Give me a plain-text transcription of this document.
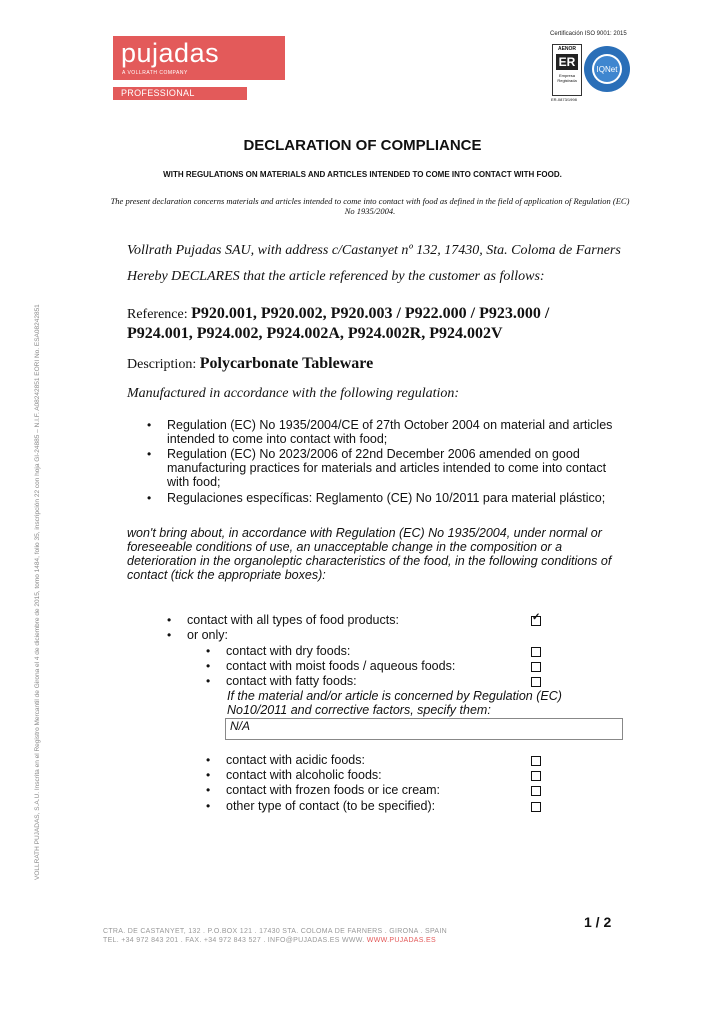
pujadas
A VOLLRATH COMPANY
PROFESSIONAL COOKWARE
Certificación ISO 9001: 2015
AENOR
ER
Empresa Registrada
ER-0873/1998
IQNet
DECLARATION OF COMPLIANCE
WITH REGULATIONS ON MATERIALS AND ARTICLES INTENDED TO COME INTO CONTACT WITH FOOD.
The present declaration concerns materials and articles intended to come into contact with food as defined in the field of application of Regulation (EC) No 1935/2004.
Vollrath Pujadas SAU, with address c/Castanyet nº 132, 17430, Sta. Coloma de Farners
Hereby DECLARES that the article referenced by the customer as follows:
Reference: P920.001, P920.002, P920.003 / P922.000 / P923.000 /
P924.001, P924.002, P924.002A, P924.002R, P924.002V
Description: Polycarbonate Tableware
Manufactured in accordance with the following regulation:
• Regulation (EC) No 1935/2004/CE of 27th October 2004 on material and articles intended to come into contact with food;
• Regulation (EC) No 2023/2006 of 22nd December 2006 amended on good manufacturing practices for materials and articles intended to come into contact with food;
• Regulaciones específicas: Reglamento (CE) No 10/2011 para material plástico;
won't bring about, in accordance with Regulation (EC) No 1935/2004, under normal or foreseeable conditions of use, an unacceptable change in the composition or a deterioration in the organoleptic characteristics of the food, in the following conditions of contact (tick the appropriate boxes):
• contact with all types of food products:
✓
• or only:
• contact with dry foods:
• contact with moist foods / aqueous foods:
• contact with fatty foods:
If the material and/or article is concerned by Regulation (EC) No10/2011 and corrective factors, specify them:
N/A
• contact with acidic foods:
• contact with alcoholic foods:
• contact with frozen foods or ice cream:
• other type of contact (to be specified):
VOLLRATH PUJADAS, S.A.U. Inscrita en el Registro Mercantil de Girona el 4 de diciembre de 2015, tomo 1484, folio 35, inscripción 22 con hoja GI-24885 – N.I.F. A08242851 EORI No. ESA08242851
1 / 2
CTRA. DE CASTANYET, 132 . P.O.BOX 121 . 17430 STA. COLOMA DE FARNERS . GIRONA . SPAIN
TEL. +34 972 843 201 . FAX. +34 972 843 527 . INFO@PUJADAS.ES WWW. WWW.PUJADAS.ES
